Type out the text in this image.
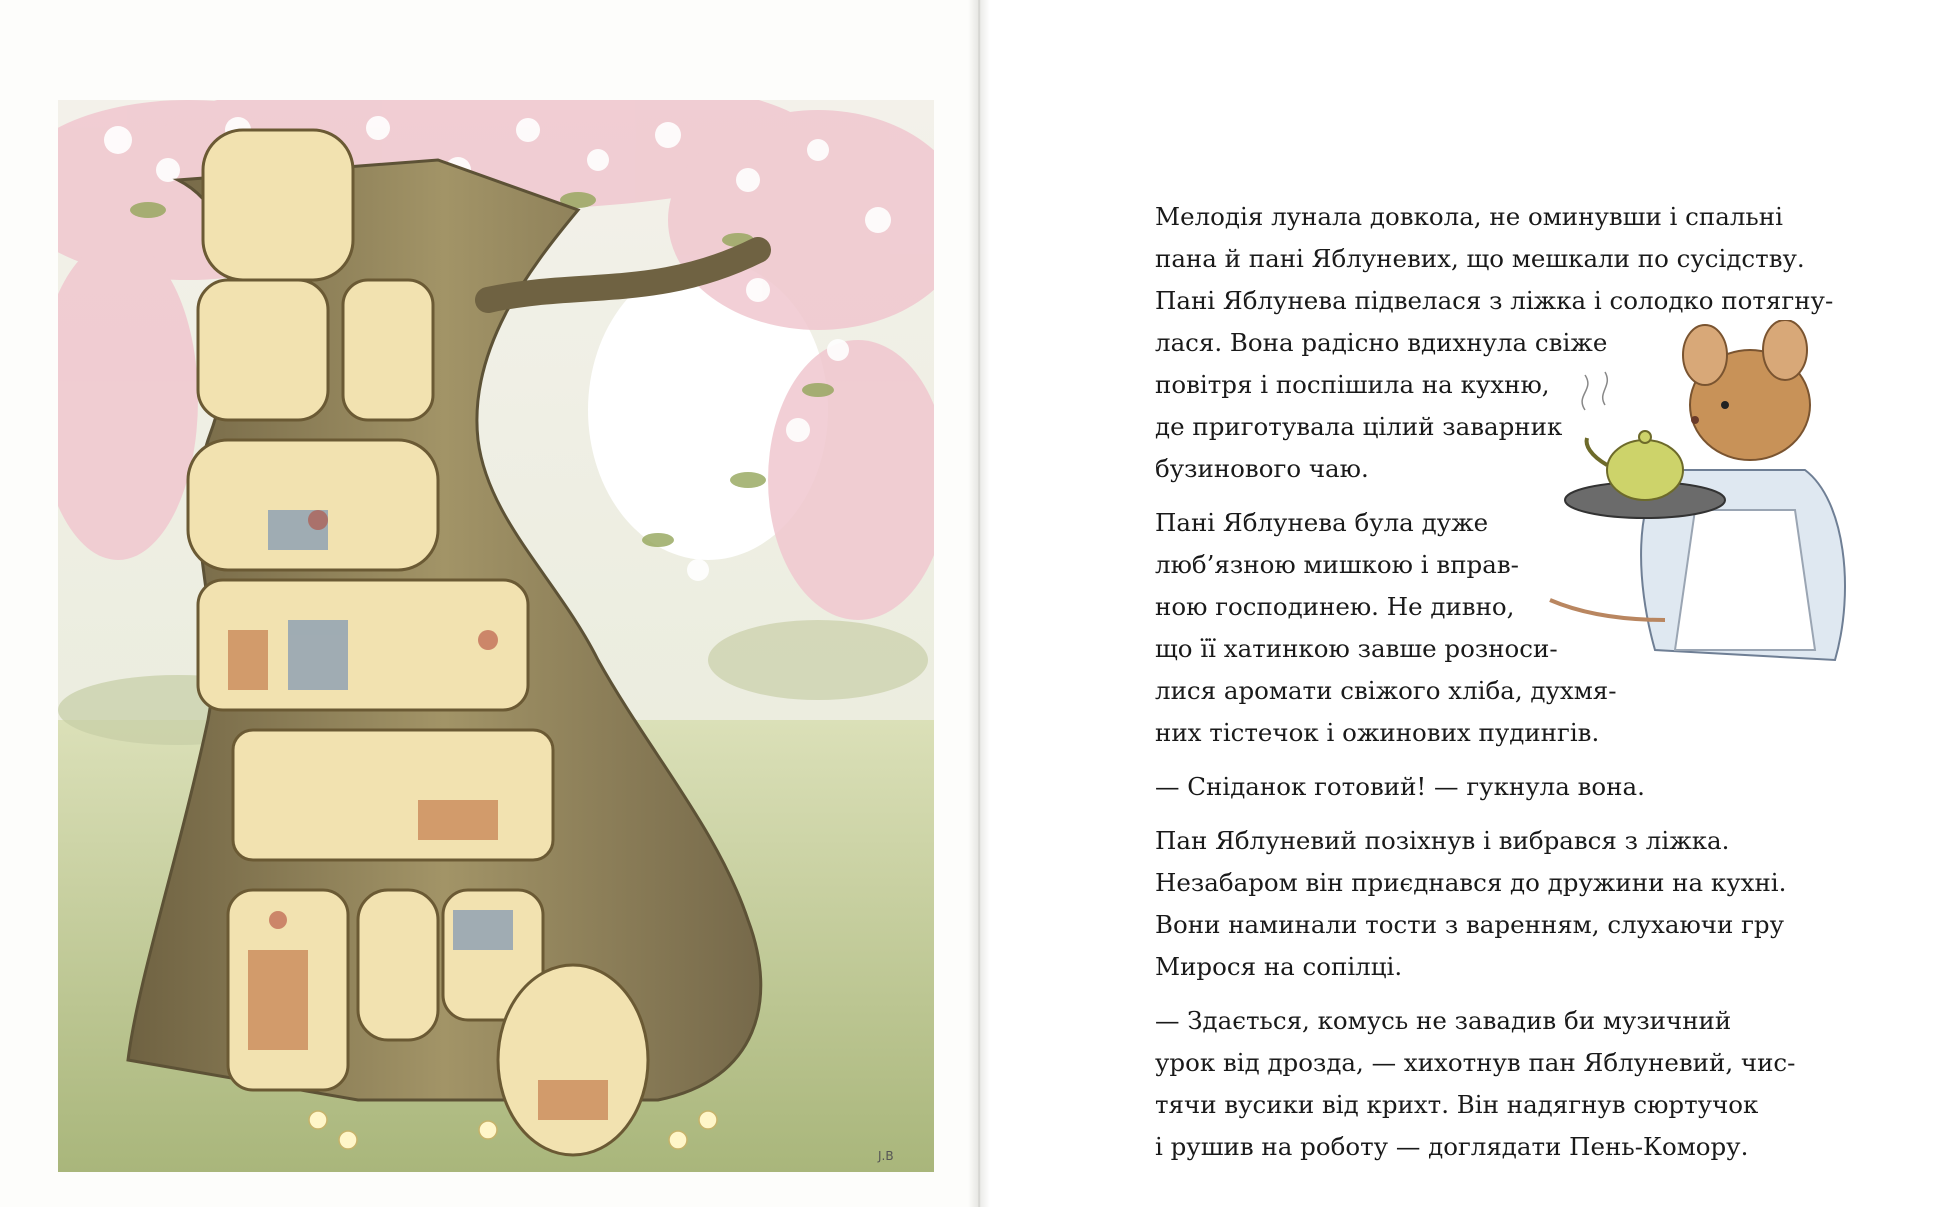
J.B

Мелодія лунала довкола, не оминувши і спальні
пана й пані Яблуневих, що мешкали по сусідству.
Пані Яблунева підвелася з ліжка і солодко потягну-
лася. Вона радісно вдихнула свіже
повітря і поспішила на кухню,
де приготувала цілий заварник
бузинового чаю.

Пані Яблунева була дуже
люб’язною мишкою і вправ-
ною господинею. Не дивно,
що її хатинкою завше розноси-
лися аромати свіжого хліба, духмя-
них тістечок і ожинових пудингів.

— Сніданок готовий! — гукнула вона.

Пан Яблуневий позіхнув і вибрався з ліжка.
Незабаром він приєднався до дружини на кухні.
Вони наминали тости з варенням, слухаючи гру
Мирося на сопілці.

— Здається, комусь не завадив би музичний
урок від дрозда, — хихотнув пан Яблуневий, чис-
тячи вусики від крихт. Він надягнув сюртучок
і рушив на роботу — доглядати Пень-Комору.
